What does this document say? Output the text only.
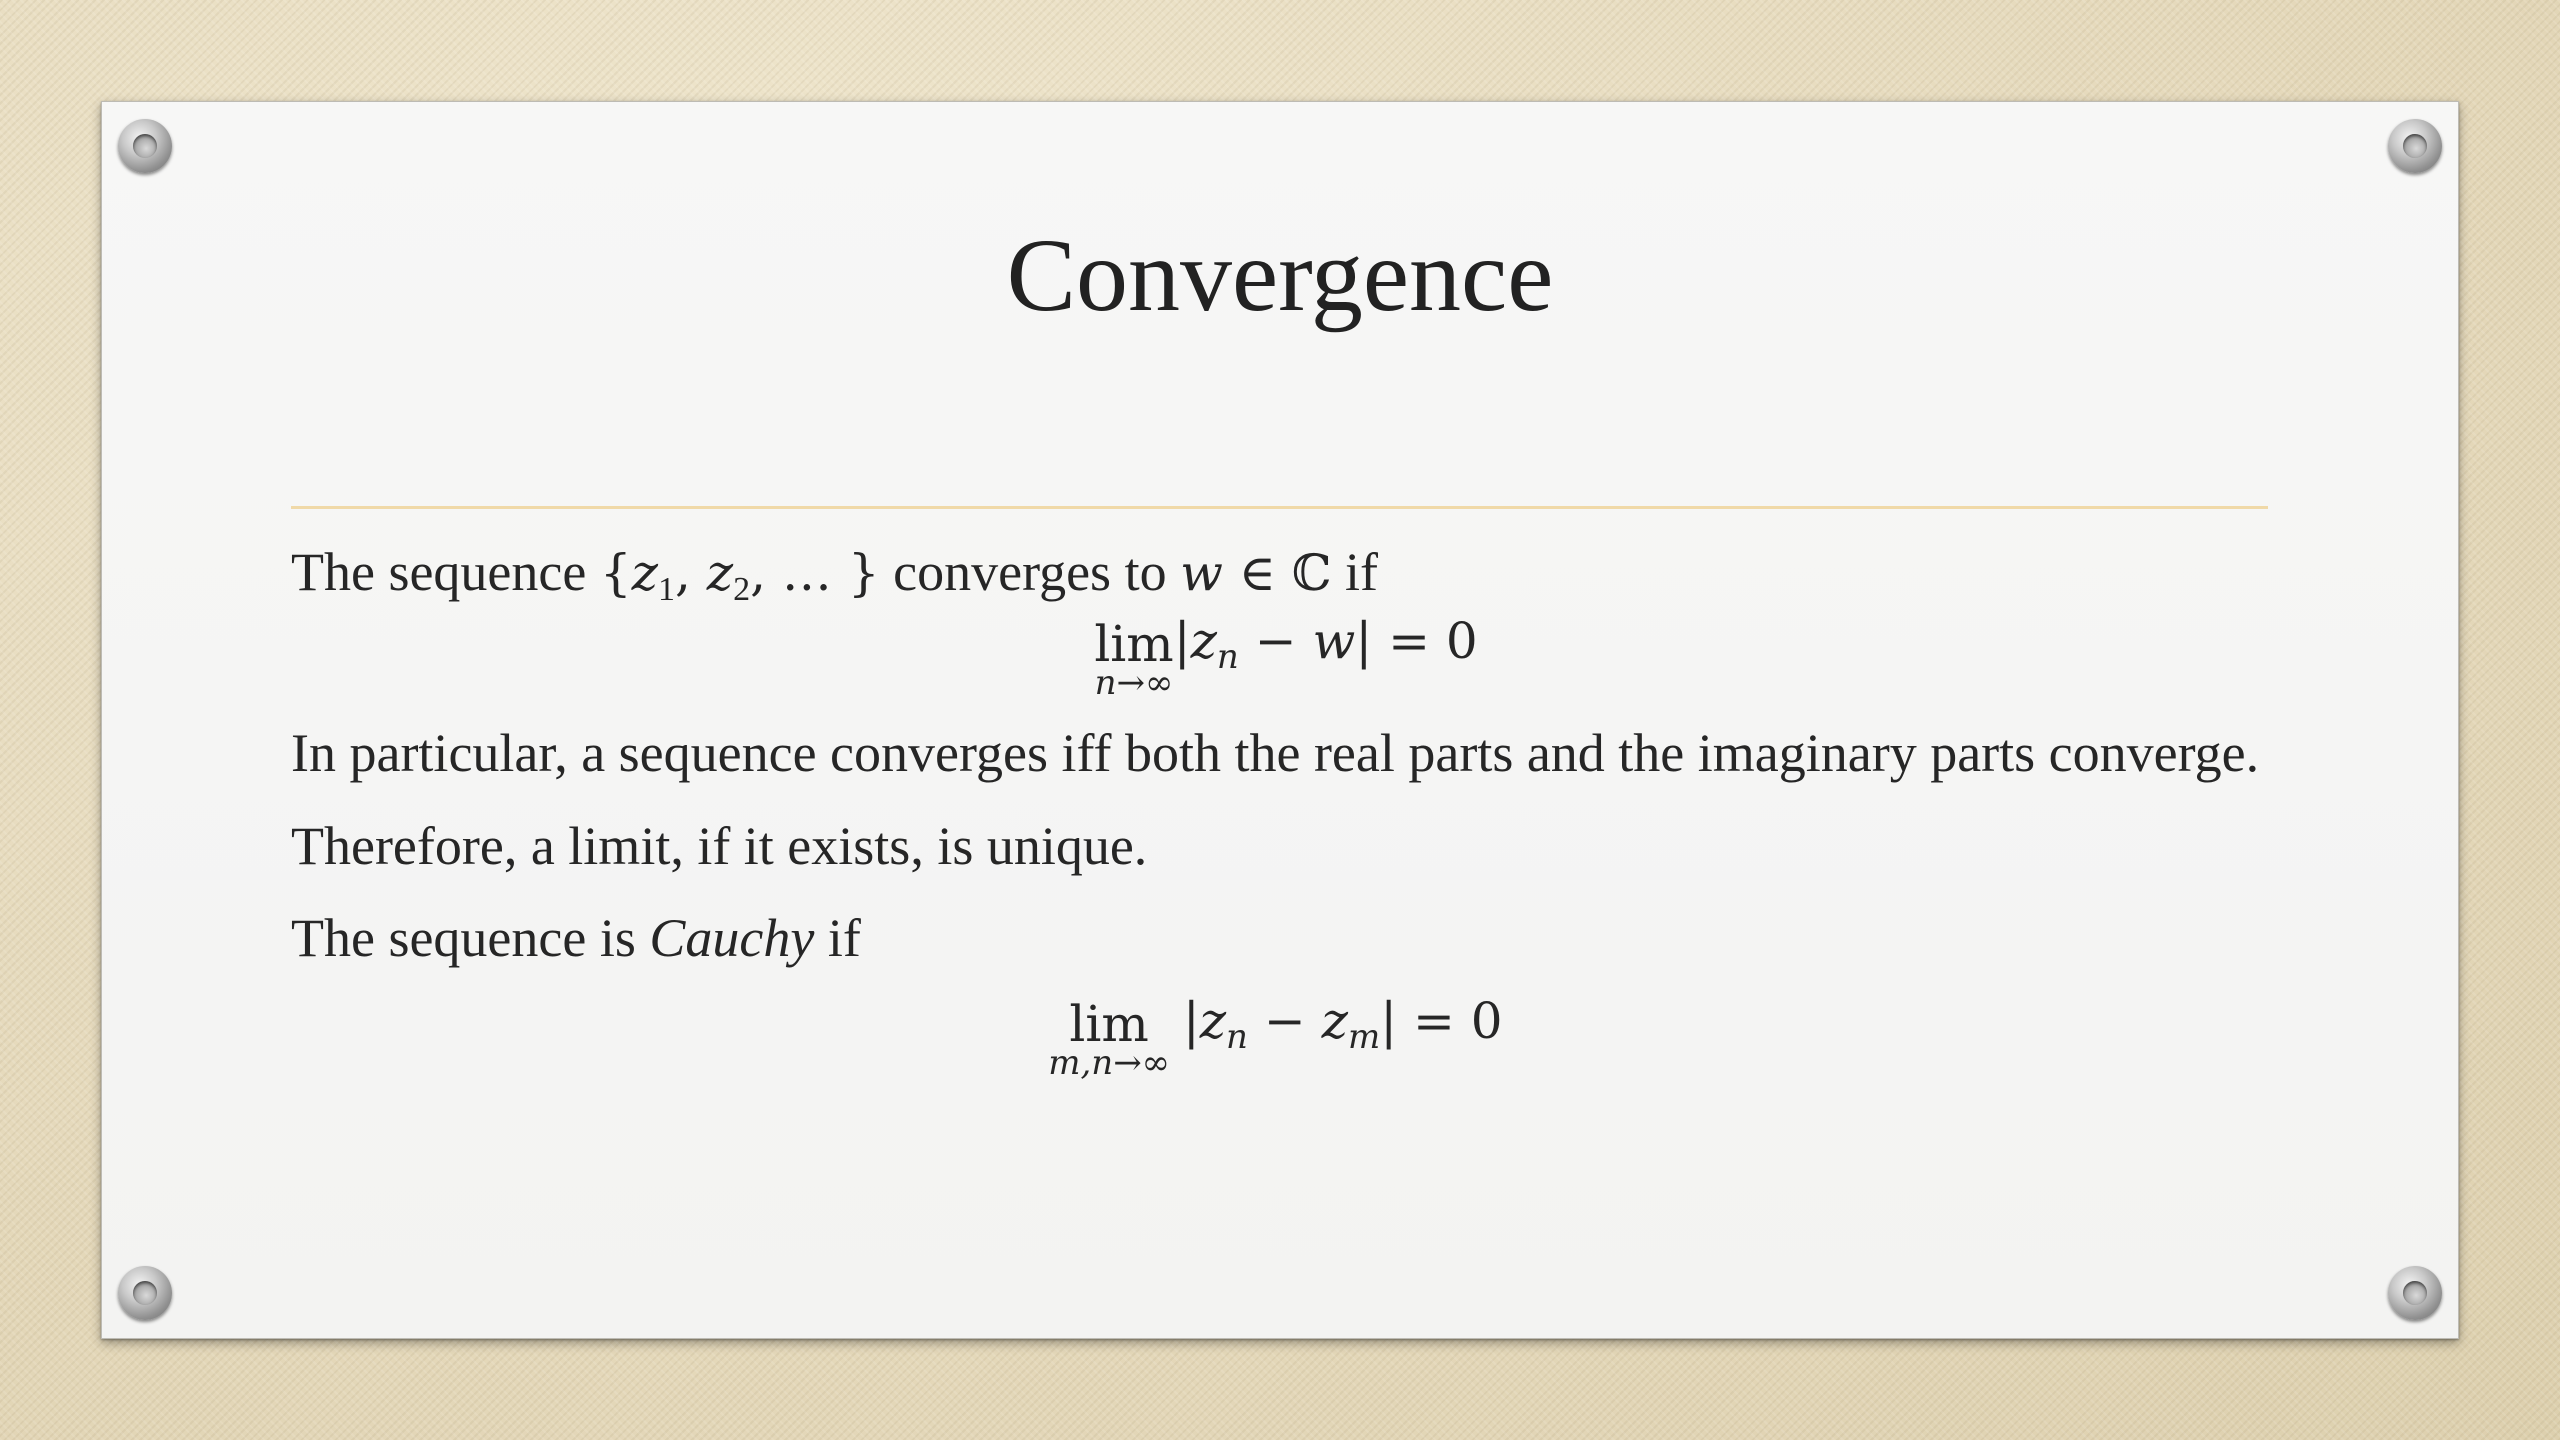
Convergence

The sequence {$z_1$, $z_2$, … } converges to w ∈ ℂ if

lim
n→∞
$|z_n - w| = 0$

In particular, a sequence converges iff both the real parts and the imaginary parts converge.

Therefore, a limit, if it exists, is unique.

The sequence is Cauchy if

lim
m,n→∞
$|z_n - z_m| = 0$
